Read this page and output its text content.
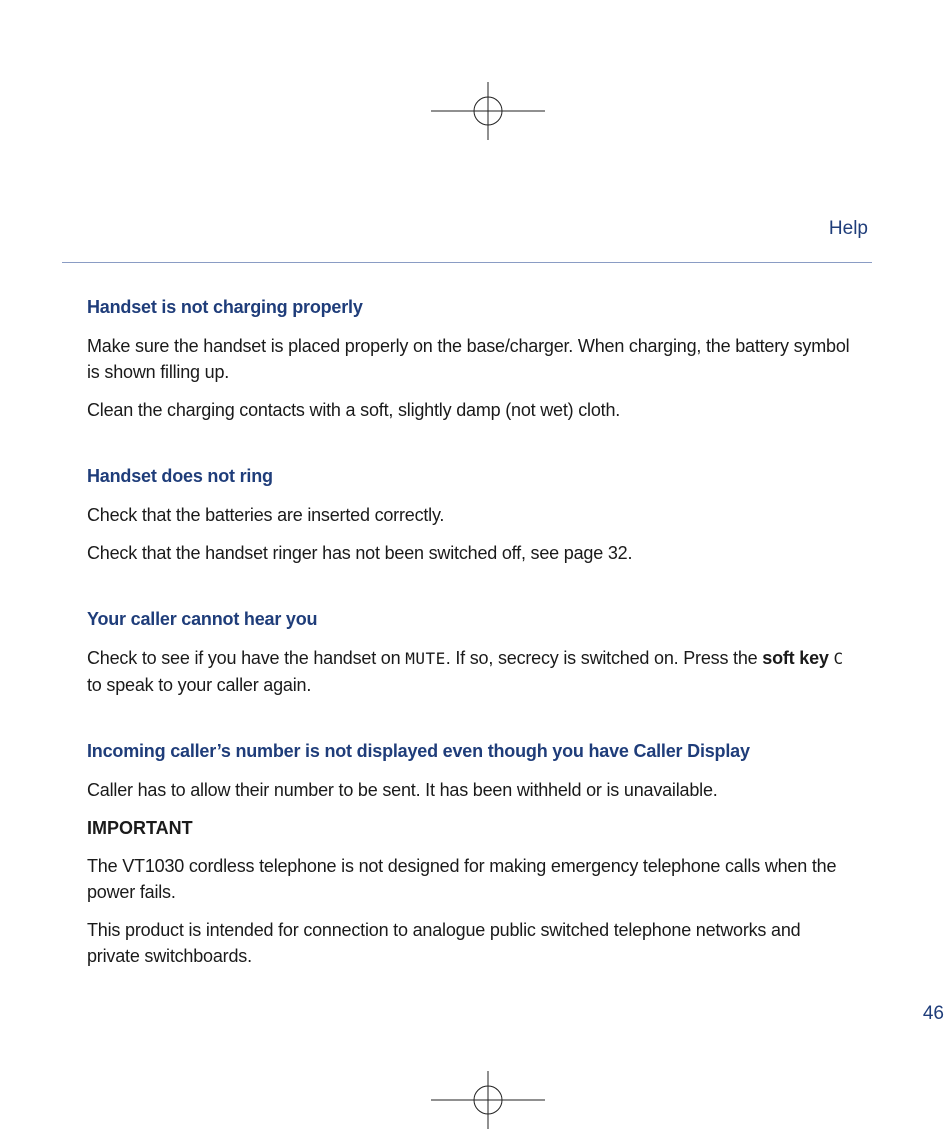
Help
Handset is not charging properly

Make sure the handset is placed properly on the base/charger. When charging, the battery symbol is shown filling up.

Clean the charging contacts with a soft, slightly damp (not wet) cloth.

Handset does not ring

Check that the batteries are inserted correctly.

Check that the handset ringer has not been switched off, see page 32.

Your caller cannot hear you

Check to see if you have the handset on MUTE. If so, secrecy is switched on. Press the soft key C to speak to your caller again.

Incoming caller’s number is not displayed even though you have Caller Display

Caller has to allow their number to be sent. It has been withheld or is unavailable.

IMPORTANT

The VT1030 cordless telephone is not designed for making emergency telephone calls when the power fails.

This product is intended for connection to analogue public switched telephone networks and private switchboards.

46
